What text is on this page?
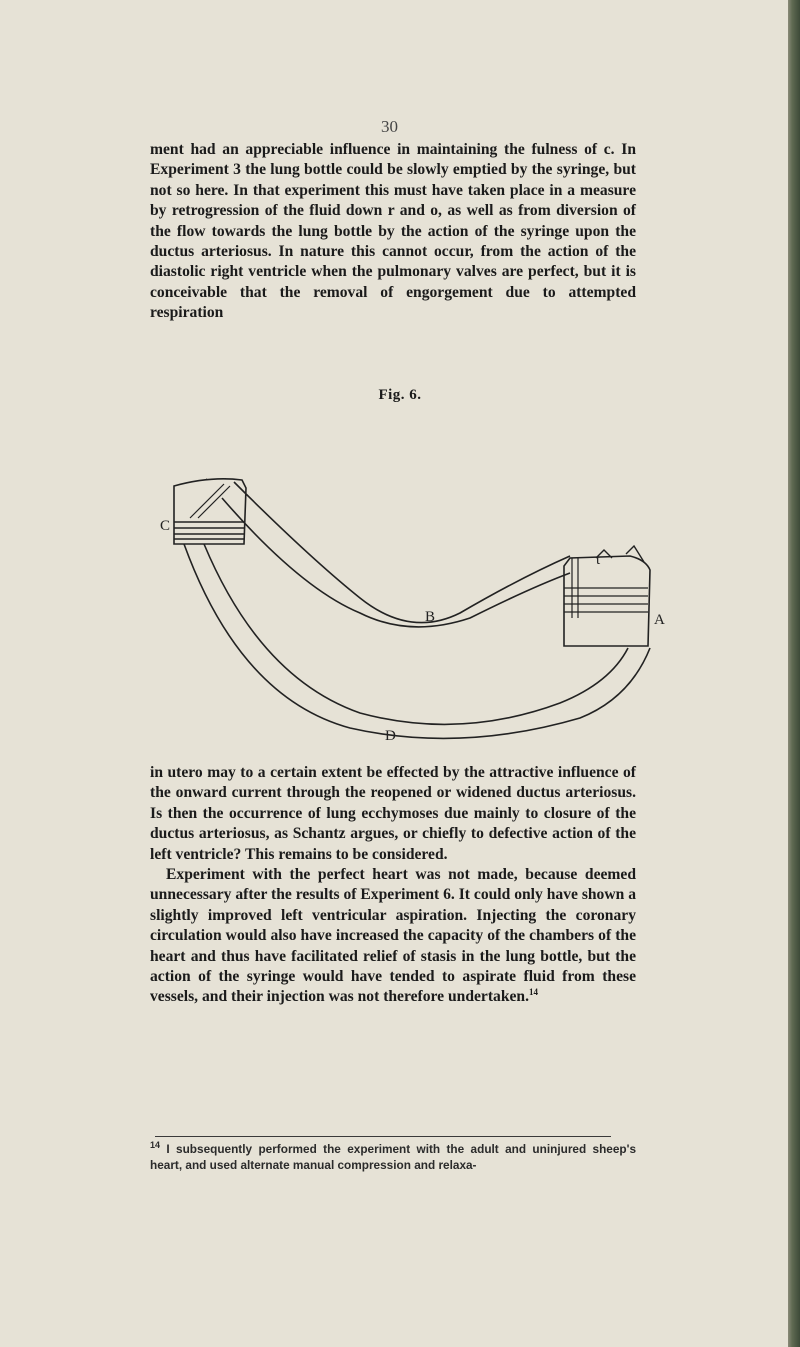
30

ment had an appreciable influence in maintaining the fulness of c. In Experiment 3 the lung bottle could be slowly emptied by the syringe, but not so here. In that experiment this must have taken place in a measure by retrogression of the fluid down r and o, as well as from diversion of the flow towards the lung bottle by the action of the syringe upon the ductus arteriosus. In nature this cannot occur, from the action of the diastolic right ventricle when the pulmonary valves are perfect, but it is conceivable that the removal of engorgement due to attempted respiration

Fig. 6.
C
B
t
A
D

in utero may to a certain extent be effected by the attractive influence of the onward current through the reopened or widened ductus arteriosus. Is then the occurrence of lung ecchymoses due mainly to closure of the ductus arteriosus, as Schantz argues, or chiefly to defective action of the left ventricle? This remains to be considered.

Experiment with the perfect heart was not made, because deemed unnecessary after the results of Experiment 6. It could only have shown a slightly improved left ventricular aspiration. Injecting the coronary circulation would also have increased the capacity of the chambers of the heart and thus have facilitated relief of stasis in the lung bottle, but the action of the syringe would have tended to aspirate fluid from these vessels, and their injection was not therefore undertaken.$^{14}$

$^{14}$ I subsequently performed the experiment with the adult and uninjured sheep's heart, and used alternate manual compression and relaxa-
